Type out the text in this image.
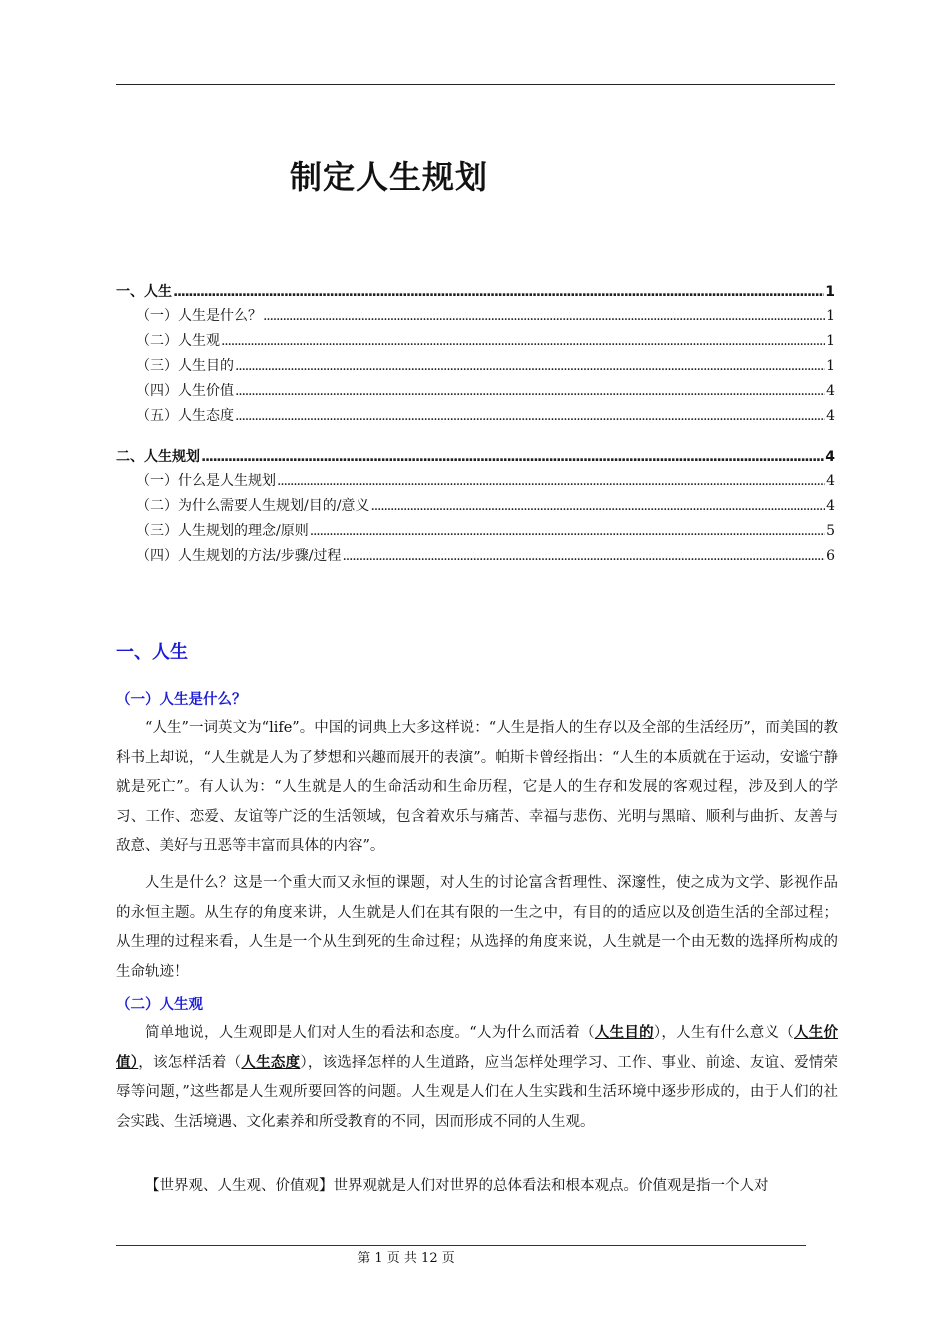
制定人生规划
一、人生 .....	1
（一）人生是什么？ .....	1
（二）人生观 .....	1
（三）人生目的 .....	1
（四）人生价值 .....	4
（五）人生态度 .....	4
二、人生规划 .....	4
（一）什么是人生规划 .....	4
（二）为什么需要人生规划/目的/意义 .....	4
（三）人生规划的理念/原则 .....	5
（四）人生规划的方法/步骤/过程 .....	6
一、人生
（一）人生是什么？
“人生”一词英文为“life”。中国的词典上大多这样说：“人生是指人的生存以及全部的生活经历”，而美国的教科书上却说，“人生就是人为了梦想和兴趣而展开的表演”。帕斯卡曾经指出：“人生的本质就在于运动，安谧宁静就是死亡”。有人认为：“人生就是人的生命活动和生命历程，它是人的生存和发展的客观过程，涉及到人的学习、工作、恋爱、友谊等广泛的生活领域，包含着欢乐与痛苦、幸福与悲伤、光明与黑暗、顺利与曲折、友善与敌意、美好与丑恶等丰富而具体的内容”。
人生是什么？这是一个重大而又永恒的课题，对人生的讨论富含哲理性、深邃性，使之成为文学、影视作品的永恒主题。从生存的角度来讲，人生就是人们在其有限的一生之中，有目的的适应以及创造生活的全部过程；从生理的过程来看，人生是一个从生到死的生命过程；从选择的角度来说，人生就是一个由无数的选择所构成的生命轨迹！
（二）人生观
简单地说，人生观即是人们对人生的看法和态度。“人为什么而活着（人生目的），人生有什么意义（人生价值），该怎样活着（人生态度），该选择怎样的人生道路，应当怎样处理学习、工作、事业、前途、友谊、爱情荣辱等问题，”这些都是人生观所要回答的问题。人生观是人们在人生实践和生活环境中逐步形成的，由于人们的社会实践、生活境遇、文化素养和所受教育的不同，因而形成不同的人生观。
【世界观、人生观、价值观】世界观就是人们对世界的总体看法和根本观点。价值观是指一个人对
第 1 页 共 12 页
